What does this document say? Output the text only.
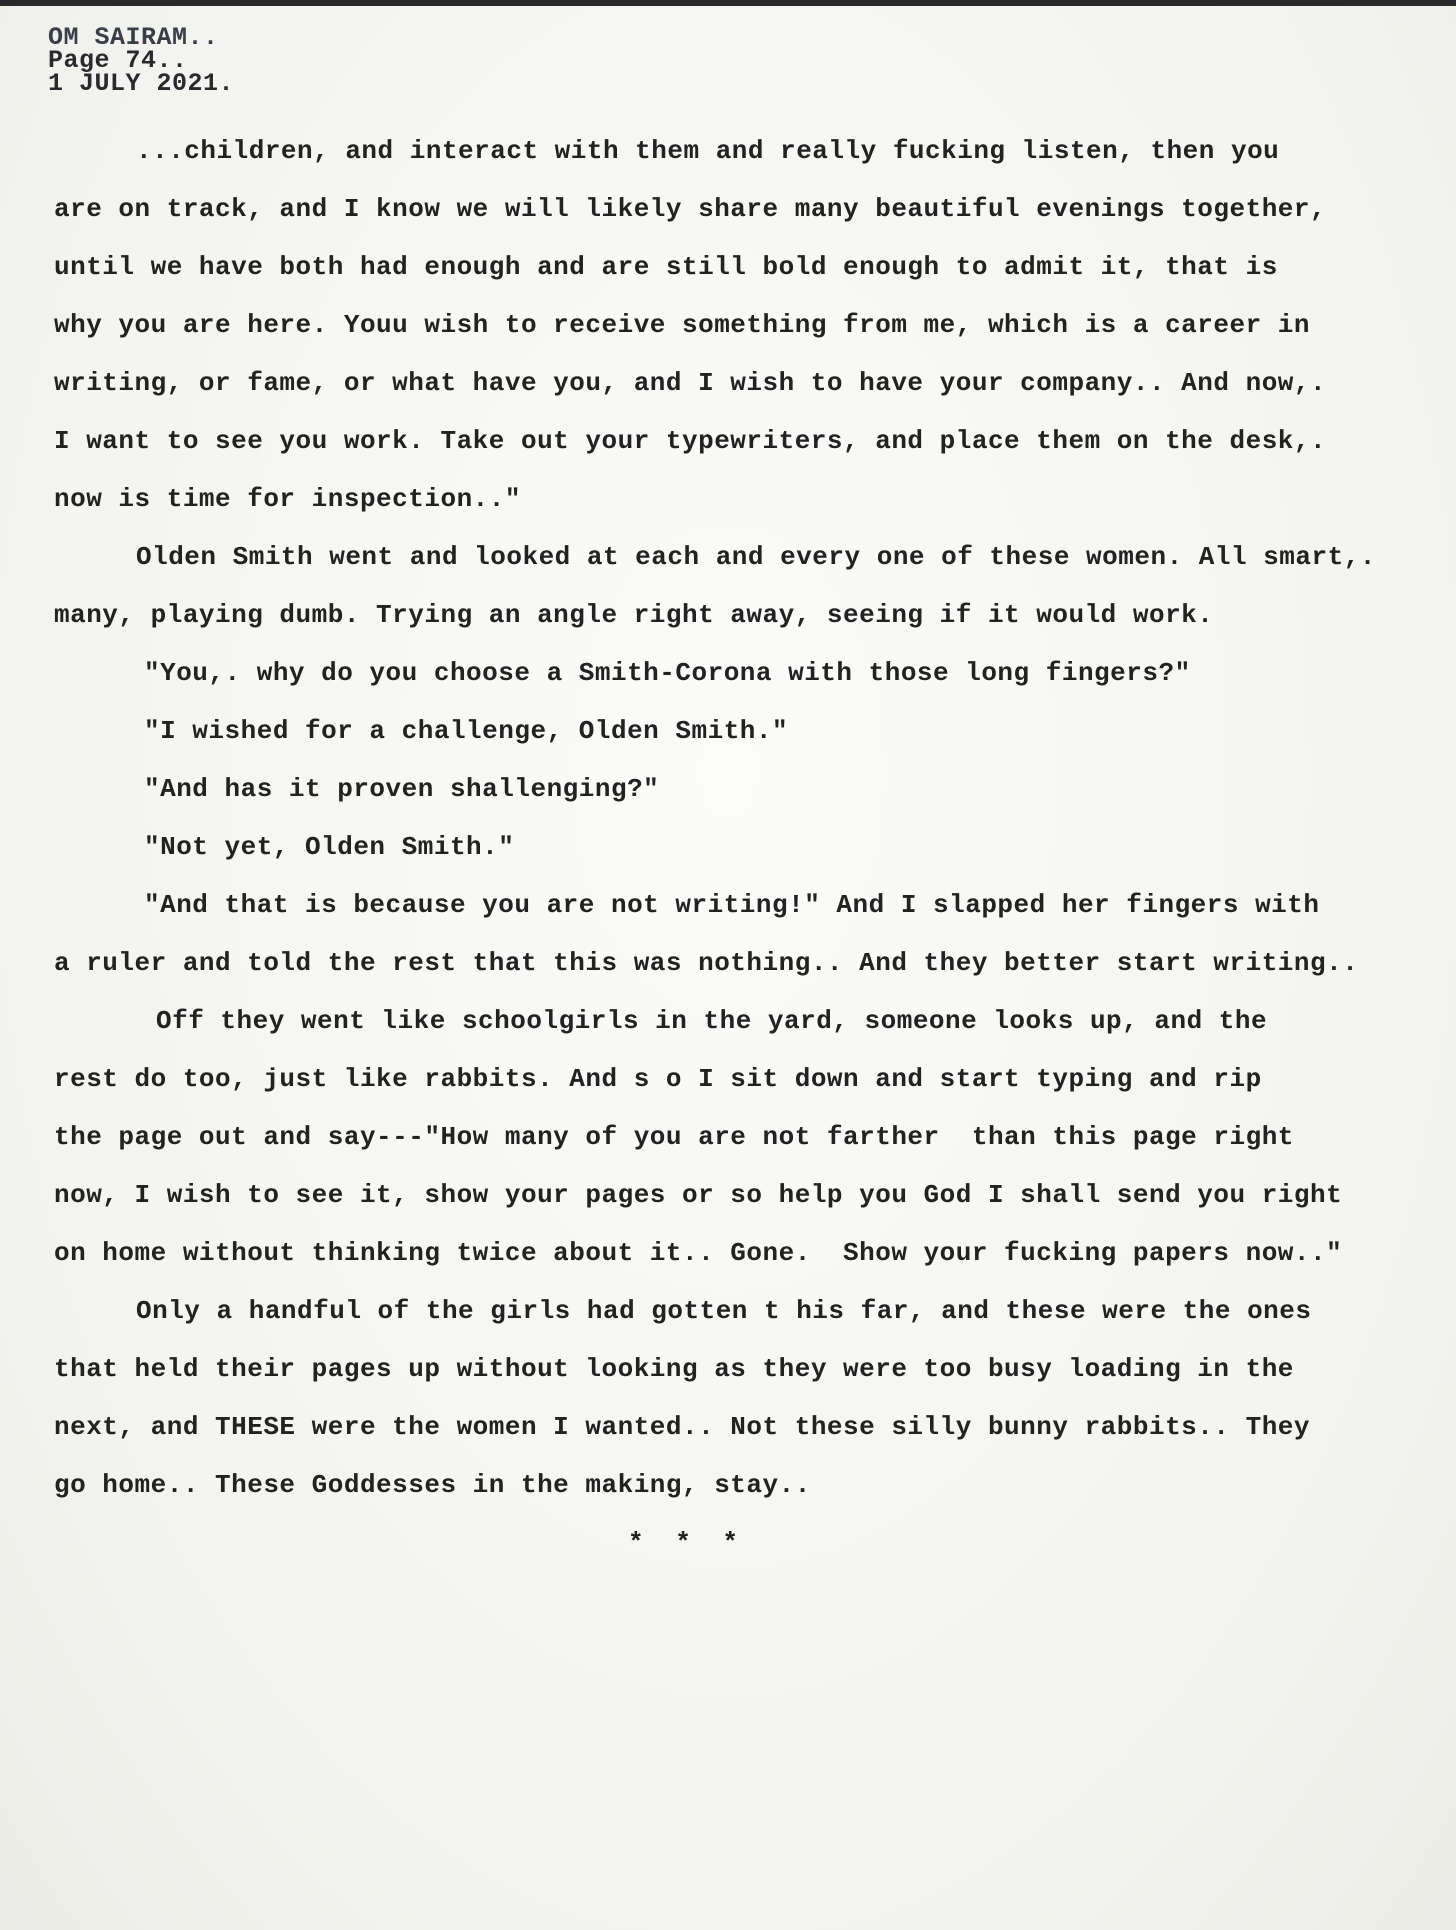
OM SAIRAM..
Page 74..
1 JULY 2021.
...children, and interact with them and really fucking listen, then you
are on track, and I know we will likely share many beautiful evenings together,
until we have both had enough and are still bold enough to admit it, that is
why you are here. Youu wish to receive something from me, which is a career in
writing, or fame, or what have you, and I wish to have your company.. And now,.
I want to see you work. Take out your typewriters, and place them on the desk,.
now is time for inspection.."
Olden Smith went and looked at each and every one of these women. All smart,.
many, playing dumb. Trying an angle right away, seeing if it would work.
"You,. why do you choose a Smith-Corona with those long fingers?"
"I wished for a challenge, Olden Smith."
"And has it proven shallenging?"
"Not yet, Olden Smith."
"And that is because you are not writing!" And I slapped her fingers with
a ruler and told the rest that this was nothing.. And they better start writing..
Off they went like schoolgirls in the yard, someone looks up, and the
rest do too, just like rabbits. And s o I sit down and start typing and rip
the page out and say---"How many of you are not farther  than this page right
now, I wish to see it, show your pages or so help you God I shall send you right
on home without thinking twice about it.. Gone.  Show your fucking papers now.."
Only a handful of the girls had gotten t his far, and these were the ones
that held their pages up without looking as they were too busy loading in the
next, and THESE were the women I wanted.. Not these silly bunny rabbits.. They
go home.. These Goddesses in the making, stay..
* * *
